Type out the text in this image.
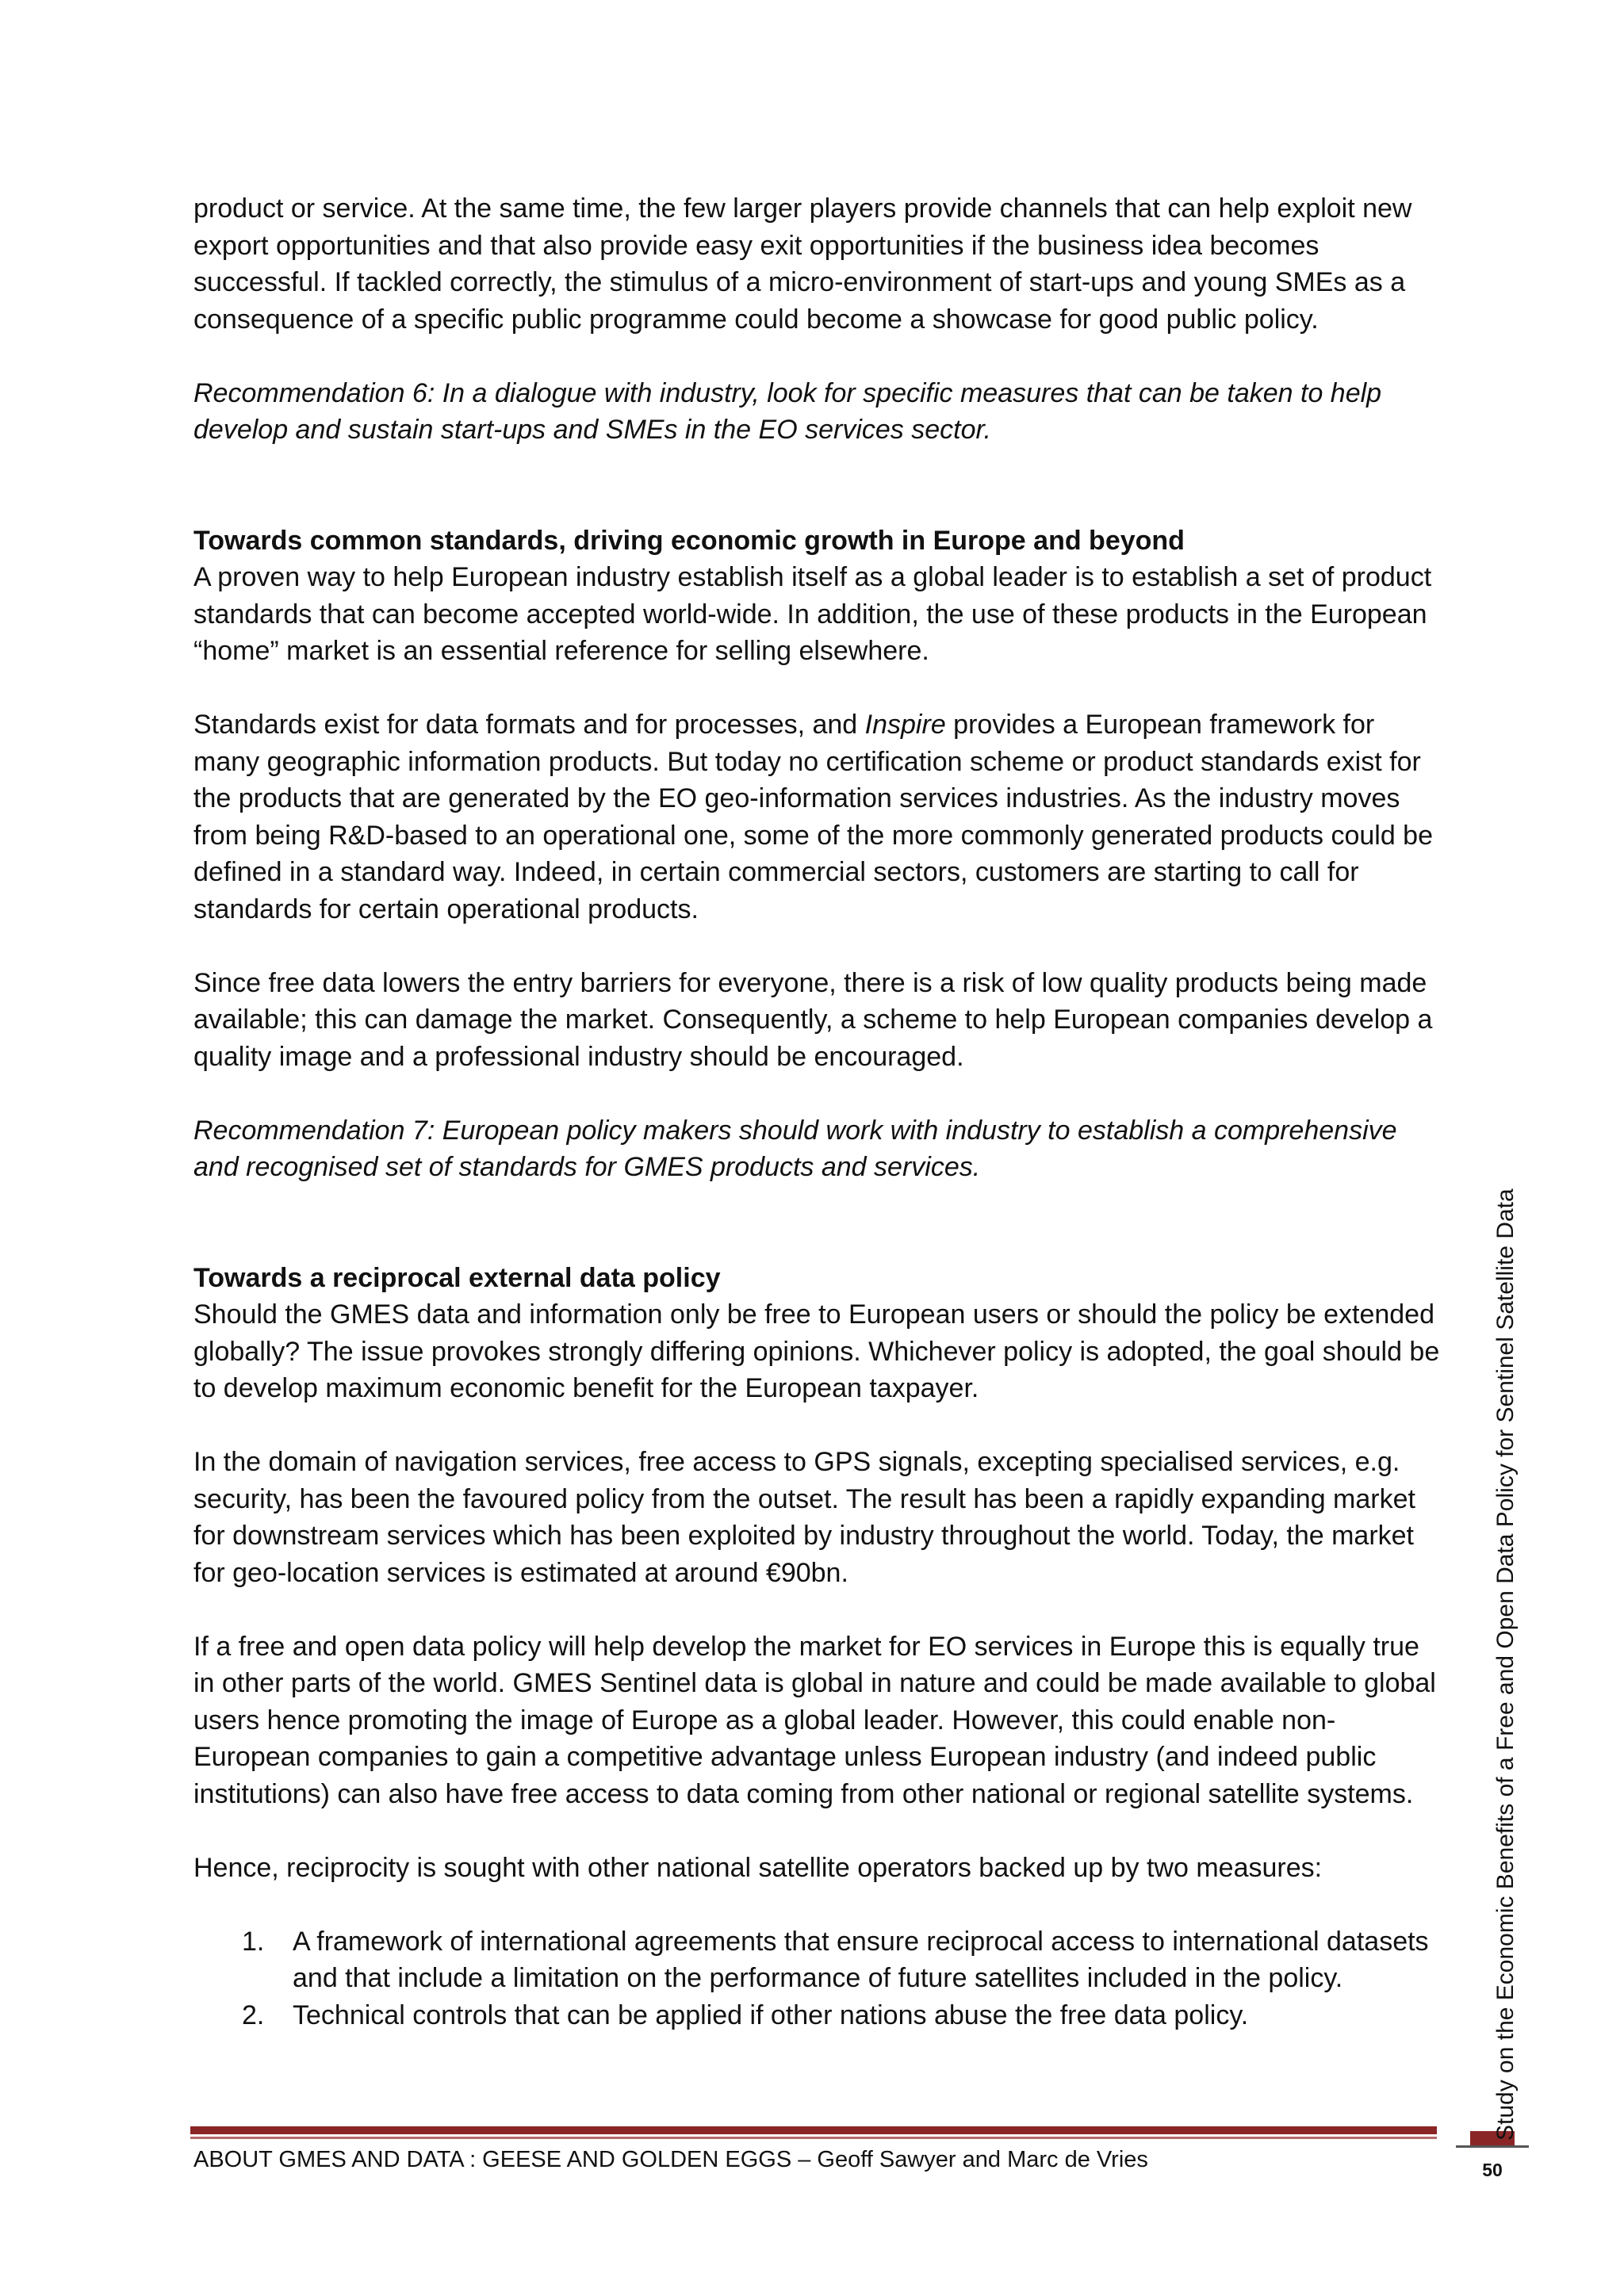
product or service. At the same time, the few larger players provide channels that can help exploit new export opportunities and that also provide easy exit opportunities if the business idea becomes successful. If tackled correctly, the stimulus of a micro-environment of start-ups and young SMEs as a consequence of a specific public programme could become a showcase for good public policy.

Recommendation 6: In a dialogue with industry, look for specific measures that can be taken to help develop and sustain start-ups and SMEs in the EO services sector.

Towards common standards, driving economic growth in Europe and beyond

A proven way to help European industry establish itself as a global leader is to establish a set of product standards that can become accepted world-wide. In addition, the use of these products in the European “home” market is an essential reference for selling elsewhere.

Standards exist for data formats and for processes, and Inspire provides a European framework for many geographic information products. But today no certification scheme or product standards exist for the products that are generated by the EO geo-information services industries. As the industry moves from being R&D-based to an operational one, some of the more commonly generated products could be defined in a standard way. Indeed, in certain commercial sectors, customers are starting to call for standards for certain operational products.

Since free data lowers the entry barriers for everyone, there is a risk of low quality products being made available; this can damage the market. Consequently, a scheme to help European companies develop a quality image and a professional industry should be encouraged.

Recommendation 7: European policy makers should work with industry to establish a comprehensive and recognised set of standards for GMES products and services.

Towards a reciprocal external data policy

Should the GMES data and information only be free to European users or should the policy be extended globally? The issue provokes strongly differing opinions. Whichever policy is adopted, the goal should be to develop maximum economic benefit for the European taxpayer.

In the domain of navigation services, free access to GPS signals, excepting specialised services, e.g. security, has been the favoured policy from the outset. The result has been a rapidly expanding market for downstream services which has been exploited by industry throughout the world. Today, the market for geo-location services is estimated at around €90bn.

If a free and open data policy will help develop the market for EO services in Europe this is equally true in other parts of the world. GMES Sentinel data is global in nature and could be made available to global users hence promoting the image of Europe as a global leader. However, this could enable non-European companies to gain a competitive advantage unless European industry (and indeed public institutions) can also have free access to data coming from other national or regional satellite systems.

Hence, reciprocity is sought with other national satellite operators backed up by two measures:

1. A framework of international agreements that ensure reciprocal access to international datasets and that include a limitation on the performance of future satellites included in the policy.
2. Technical controls that can be applied if other nations abuse the free data policy.
ABOUT GMES AND DATA : GEESE AND GOLDEN EGGS – Geoff Sawyer and Marc de Vries	50
Study on the Economic Benefits of a Free and Open Data Policy for Sentinel Satellite Data
